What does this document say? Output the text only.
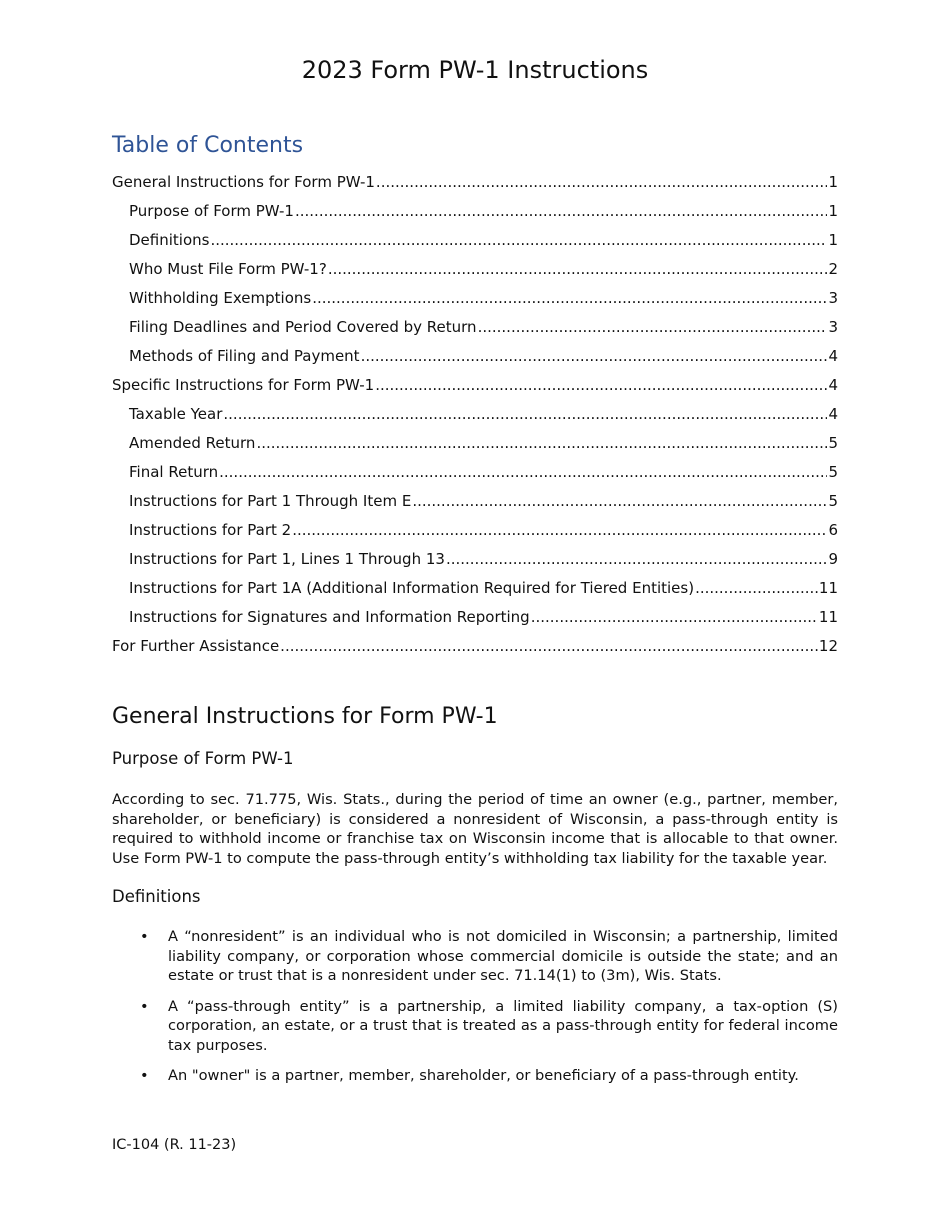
2023 Form PW-1 Instructions
Table of Contents
General Instructions for Form PW-1 .....	1
Purpose of Form PW-1 .....	1
Definitions .....	1
Who Must File Form PW-1? .....	2
Withholding Exemptions .....	3
Filing Deadlines and Period Covered by Return .....	3
Methods of Filing and Payment .....	4
Specific Instructions for Form PW-1 .....	4
Taxable Year .....	4
Amended Return .....	5
Final Return .....	5
Instructions for Part 1 Through Item E .....	5
Instructions for Part 2 .....	6
Instructions for Part 1, Lines 1 Through 13 .....	9
Instructions for Part 1A (Additional Information Required for Tiered Entities) .....	11
Instructions for Signatures and Information Reporting .....	11
For Further Assistance .....	12
General Instructions for Form PW-1
Purpose of Form PW-1

According to sec. 71.775, Wis. Stats., during the period of time an owner (e.g., partner, member, shareholder, or beneficiary) is considered a nonresident of Wisconsin, a pass-through entity is required to withhold income or franchise tax on Wisconsin income that is allocable to that owner. Use Form PW-1 to compute the pass-through entity’s withholding tax liability for the taxable year.

Definitions
• A “nonresident” is an individual who is not domiciled in Wisconsin; a partnership, limited liability company, or corporation whose commercial domicile is outside the state; and an estate or trust that is a nonresident under sec. 71.14(1) to (3m), Wis. Stats.
• A “pass-through entity” is a partnership, a limited liability company, a tax-option (S) corporation, an estate, or a trust that is treated as a pass-through entity for federal income tax purposes.
• An "owner" is a partner, member, shareholder, or beneficiary of a pass-through entity.

IC-104 (R. 11-23)
